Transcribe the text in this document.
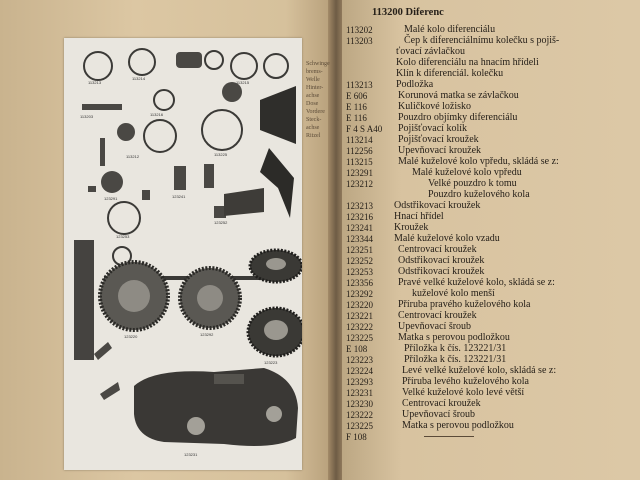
113213
113214
113215
113216
113203
113225
113212
123291	123241
123252
123253
123220	123292
123223
123231
Schwinge
brems-
Welle
Hinter-
achse
Dose
Vordere
Steck-
achse
Ritzel
113200 Diferenc
113202	Malé kolo diferenciálu
113203	Čep k diferenciálnímu kolečku s pojiš-
ťovací závlačkou
Kolo diferenciálu na hnacím hřídeli
Klín k diferenciál. kolečku
113213	Podložka
E 606	Korunová matka se závlačkou
E 116	Kuličkové ložisko
E 116	Pouzdro objímky diferenciálu
F 4 S A40	Pojišťovací kolík
113214	Pojišťovací kroužek
112256	Upevňovací kroužek
113215	Malé kuželové kolo vpředu, skládá se z:
123291	Malé kuželové kolo vpředu
123212	Velké pouzdro k tomu
Pouzdro kuželového kola
123213	Odstřikovací kroužek
123216	Hnací hřídel
123241	Kroužek
123344	Malé kuželové kolo vzadu
123251	Centrovací kroužek
123252	Odstřikovací kroužek
123253	Odstřikovací kroužek
123356	Pravé velké kuželové kolo, skládá se z:
123292	kuželové kolo menší
123220	Příruba pravého kuželového kola
123221	Centrovací kroužek
123222	Upevňovací šroub
123225	Matka s perovou podložkou
E 108	Příložka k čís. 123221/31
123223	Příložka k čís. 123221/31
123224	Levé velké kuželové kolo, skládá se z:
123293	Příruba levého kuželového kola
123231	Velké kuželové kolo levé větší
123230	Centrovací kroužek
123222	Upevňovací šroub
123225	Matka s perovou podložkou
F 108
